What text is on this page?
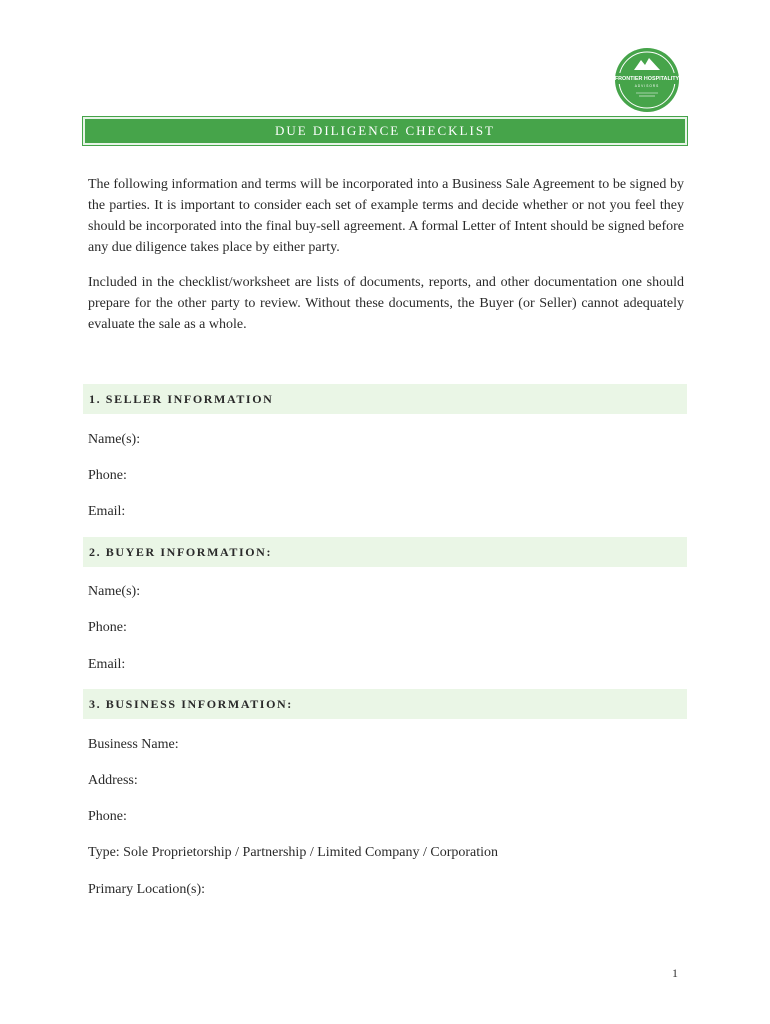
FRONTIER HOSPITALITY
ADVISORS
DUE DILIGENCE CHECKLIST

The following information and terms will be incorporated into a Business Sale Agreement to be signed by the parties. It is important to consider each set of example terms and decide whether or not you feel they should be incorporated into the final buy-sell agreement. A formal Letter of Intent should be signed before any due diligence takes place by either party.

Included in the checklist/worksheet are lists of documents, reports, and other documentation one should prepare for the other party to review. Without these documents, the Buyer (or Seller) cannot adequately evaluate the sale as a whole.

1. SELLER INFORMATION
Name(s):
Phone:
Email:
2. BUYER INFORMATION:
Name(s):
Phone:
Email:
3. BUSINESS INFORMATION:
Business Name:
Address:
Phone:
Type: Sole Proprietorship / Partnership / Limited Company / Corporation
Primary Location(s):
1
